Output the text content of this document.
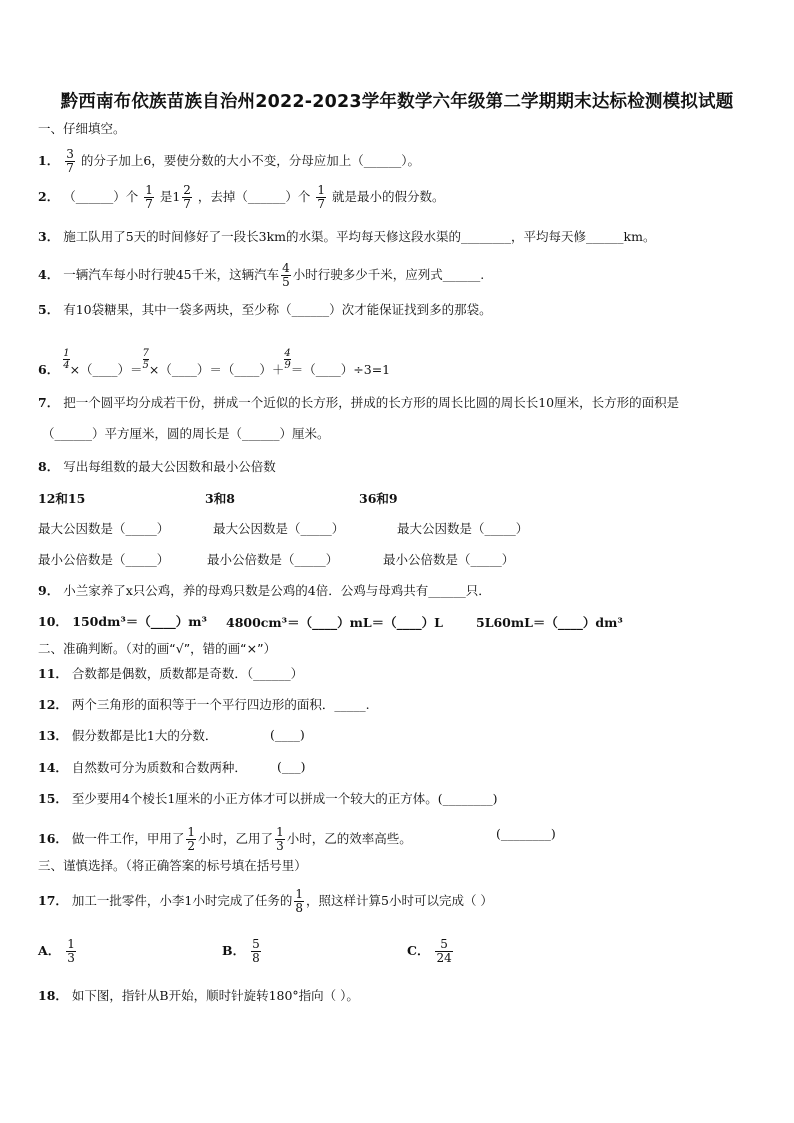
黔西南布依族苗族自治州2022-2023学年数学六年级第二学期期末达标检测模拟试题
一、仔细填空。
1． $\frac{3}{7}$ 的分子加上6，要使分数的大小不变，分母应加上（______）。
2． （______）个 $\frac{1}{7}$ 是$1 \frac{2}{7}$ ，去掉（______）个 $\frac{1}{7}$ 就是最小的假分数。
3． 施工队用了5天的时间修好了一段长3km的水渠。平均每天修这段水渠的________，平均每天修______km。
4． 一辆汽车每小时行驶45千米，这辆汽车 $\frac{4}{5}$ 小时行驶多少千米，应列式______.
5． 有10袋糖果，其中一袋多两块，至少称（______）次才能保证找到多的那袋。
6． $\frac{1}{4}\times(\_\_\_\_)=$ $\frac{7}{5}\times(\_\_\_\_)=(\_\_\_\_)+$ $\frac{4}{9}=(\_\_\_\_)\div 3=1$
7． 把一个圆平均分成若干份，拼成一个近似的长方形，拼成的长方形的周长比圆的周长长10厘米，长方形的面积是
（______）平方厘米，圆的周长是（______）厘米。
8． 写出每组数的最大公因数和最小公倍数
12和15	3和8	36和9
最大公因数是（_____）	最大公因数是（_____）	最大公因数是（_____）
最小公倍数是（_____）	最小公倍数是（_____）	最小公倍数是（_____）
9． 小兰家养了x只公鸡，养的母鸡只数是公鸡的4倍．公鸡与母鸡共有______只．
10． 150dm³＝（____）m³ 4800cm³＝（____）mL＝（____）L	5L60mL＝（____）dm³
二、准确判断。（对的画“√”，错的画“×”）
11． 合数都是偶数，质数都是奇数．（______）
12． 两个三角形的面积等于一个平行四边形的面积．_____.
13． 假分数都是比1大的分数．	(____)
14． 自然数可分为质数和合数两种． (___)
15． 至少要用4个棱长1厘米的小正方体才可以拼成一个较大的正方体。(________)
16． 做一件工作，甲用了 $\frac{1}{2}$ 小时，乙用了 $\frac{1}{3}$ 小时，乙的效率高些。	(________)
三、谨慎选择。（将正确答案的标号填在括号里）
17． 加工一批零件，小李1小时完成了任务的 $\frac{1}{8}$ ，照这样计算5小时可以完成（ ）
A． $\frac{1}{3}$	B． $\frac{5}{8}$	C． $\frac{5}{24}$
18． 如下图，指针从B开始，顺时针旋转180°指向（ ）。
